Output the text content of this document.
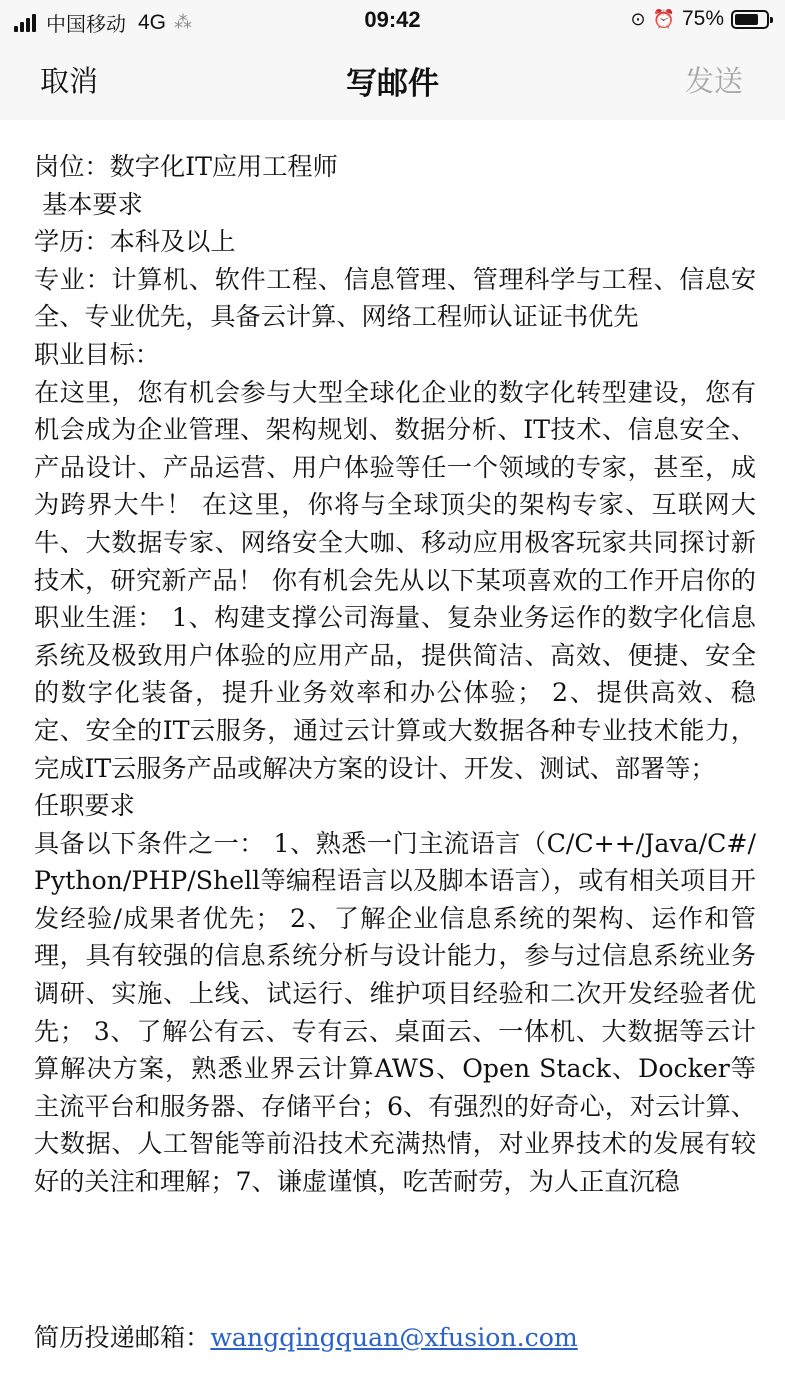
中国移动 4G ⁂	09:42	⊙ ⏰ 75%
取消	写邮件	发送
岗位：数字化IT应用工程师
基本要求
学历：本科及以上
专业：计算机、软件工程、信息管理、管理科学与工程、信息安全、专业优先，具备云计算、网络工程师认证证书优先
职业目标：
在这里，您有机会参与大型全球化企业的数字化转型建设，您有机会成为企业管理、架构规划、数据分析、IT技术、信息安全、产品设计、产品运营、用户体验等任一个领域的专家，甚至，成为跨界大牛！ 在这里，你将与全球顶尖的架构专家、互联网大牛、大数据专家、网络安全大咖、移动应用极客玩家共同探讨新技术，研究新产品！ 你有机会先从以下某项喜欢的工作开启你的职业生涯： 1、构建支撑公司海量、复杂业务运作的数字化信息系统及极致用户体验的应用产品，提供简洁、高效、便捷、安全的数字化装备，提升业务效率和办公体验； 2、提供高效、稳定、安全的IT云服务，通过云计算或大数据各种专业技术能力，完成IT云服务产品或解决方案的设计、开发、测试、部署等；
任职要求
具备以下条件之一： 1、熟悉一门主流语言（C/C++/Java/C#/Python/PHP/Shell等编程语言以及脚本语言），或有相关项目开发经验/成果者优先； 2、了解企业信息系统的架构、运作和管理，具有较强的信息系统分析与设计能力，参与过信息系统业务调研、实施、上线、试运行、维护项目经验和二次开发经验者优先； 3、了解公有云、专有云、桌面云、一体机、大数据等云计算解决方案，熟悉业界云计算AWS、Open Stack、Docker等主流平台和服务器、存储平台；6、有强烈的好奇心，对云计算、大数据、人工智能等前沿技术充满热情，对业界技术的发展有较好的关注和理解；7、谦虚谨慎，吃苦耐劳，为人正直沉稳
简历投递邮箱：wangqingquan@xfusion.com
